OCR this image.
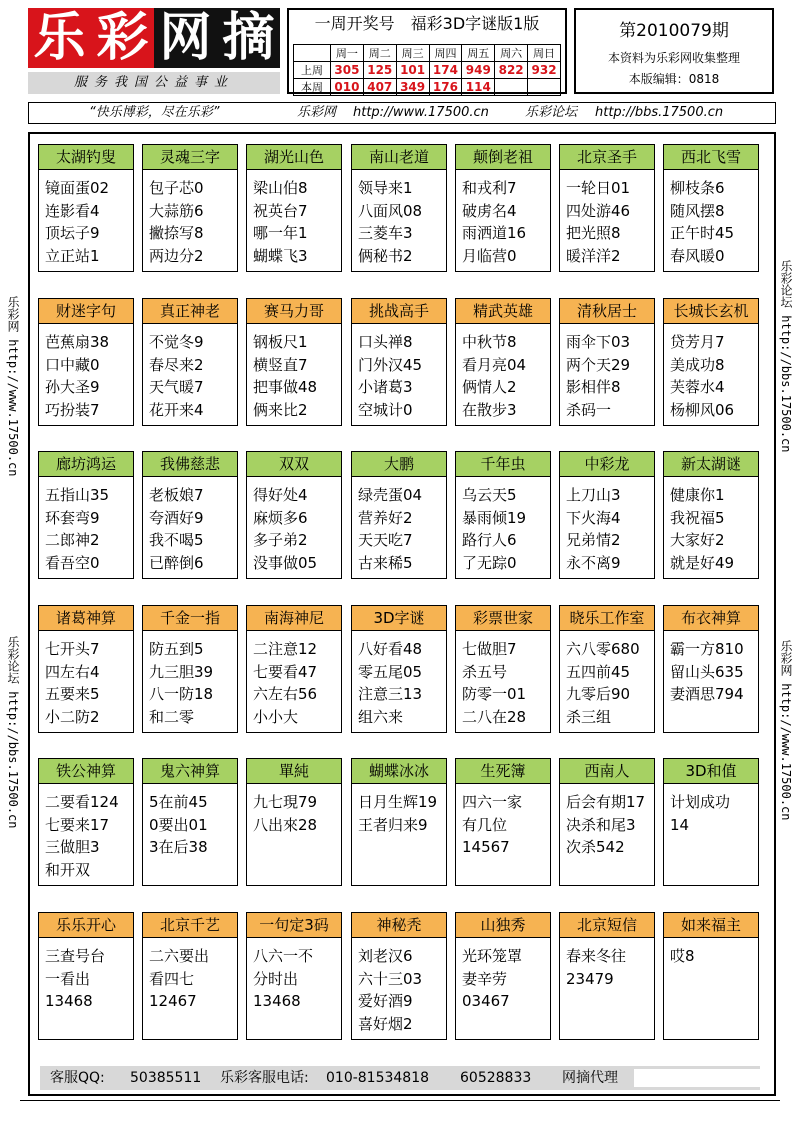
乐 彩 网 摘
服务我国公益事业
一周开奖号 福彩3D字谜版1版
	周一	周二	周三	周四	周五	周六	周日
上周	305	125	101	174	949	822	932
本周	010	407	349	176	114		
第2010079期
本资料为乐彩网收集整理
本版编辑：0818
“快乐博彩，尽在乐彩”	乐彩网 http://www.17500.cn	乐彩论坛 http://bbs.17500.cn
乐彩网 http://www.17500.cn
乐彩论坛 http://bbs.17500.cn
乐彩论坛 http://bbs.17500.cn
乐彩网 http://www.17500.cn
太湖钓叟
镜面蛋02
连影看4
顶坛子9
立正站1
灵魂三字
包子芯0
大蒜筋6
撇捺写8
两边分2
湖光山色
梁山伯8
祝英台7
哪一年1
蝴蝶飞3
南山老道
领导来1
八面风08
三菱车3
俩秘书2
颠倒老祖
和戎利7
破虏名4
雨洒道16
月临营0
北京圣手
一轮日01
四处游46
把光照8
暖洋洋2
西北飞雪
柳枝条6
随风摆8
正午时45
春风暖0
财迷字句
芭蕉扇38
口中藏0
孙大圣9
巧扮装7
真正神老
不觉冬9
春尽来2
天气暖7
花开来4
赛马力哥
钢板尺1
横竖直7
把事做48
俩来比2
挑战高手
口头禅8
门外汉45
小诸葛3
空城计0
精武英雄
中秋节8
看月亮04
俩情人2
在散步3
清秋居士
雨伞下03
两个天29
影相伴8
杀码一
长城长玄机
贷芳月7
美成功8
芙蓉水4
杨柳风06
廊坊鸿运
五指山35
环套弯9
二郎神2
看吾空0
我佛慈悲
老板娘7
夸酒好9
我不喝5
已醉倒6
双双
得好处4
麻烦多6
多子弟2
没事做05
大鹏
绿壳蛋04
营养好2
天天吃7
古来稀5
千年虫
乌云天5
暴雨倾19
路行人6
了无踪0
中彩龙
上刀山3
下火海4
兄弟情2
永不离9
新太湖谜
健康你1
我祝福5
大家好2
就是好49
诸葛神算
七开头7
四左右4
五要来5
小二防2
千金一指
防五到5
九三胆39
八一防18
和二零
南海神尼
二注意12
七要看47
六左右56
小小大
3D字谜
八好看48
零五尾05
注意三13
组六来
彩票世家
七做胆7
杀五号
防零一01
二八在28
晓乐工作室
六八零680
五四前45
九零后90
杀三组
布衣神算
霸一方810
留山头635
妻酒思794
铁公神算
二要看124
七要来17
三做胆3
和开双
鬼六神算
5在前45
0要出01
3在后38
單純
九七現79
八出來28
蝴蝶冰冰
日月生辉19
王者归来9
生死簿
四六一家
有几位
14567
西南人
后会有期17
决杀和尾3
次杀542
3D和值
计划成功
14
乐乐开心
三查号台
一看出
13468
北京千艺
二六要出
看四七
12467
一句定3码
八六一不
分时出
13468
神秘秃
刘老汉6
六十三03
爱好酒9
喜好烟2
山独秀
光环笼罩
妻辛劳
03467
北京短信
春来冬往
23479
如来福主
哎8
客服QQ: 50385511 乐彩客服电话: 010-81534818 60528833 网摘代理
